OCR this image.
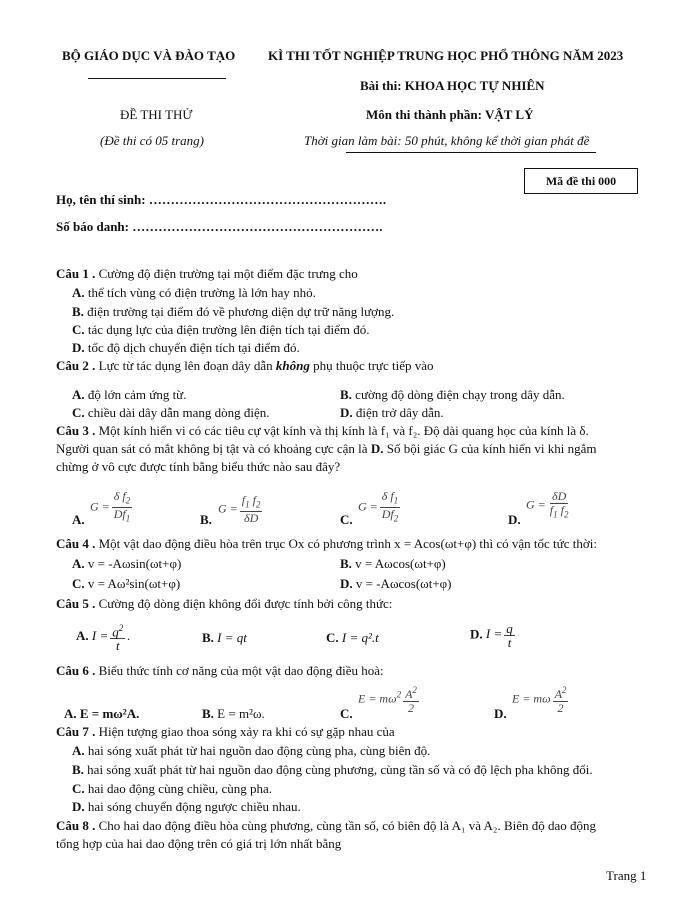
BỘ GIÁO DỤC VÀ ĐÀO TẠO	KÌ THI TỐT NGHIỆP TRUNG HỌC PHỔ THÔNG NĂM 2023
Bài thi: KHOA HỌC TỰ NHIÊN
ĐỀ THI THỬ	Môn thi thành phần: VẬT LÝ
(Đề thi có 05 trang)	Thời gian làm bài: 50 phút, không kể thời gian phát đề
Mã đề thi 000
Họ, tên thí sinh: ……………………………………………….
Số báo danh: ………………………………………………….
Câu 1 . Cường độ điện trường tại một điểm đặc trưng cho
A. thể tích vùng có điện trường là lớn hay nhỏ.
B. điện trường tại điểm đó về phương diện dự trữ năng lượng.
C. tác dụng lực của điện trường lên điện tích tại điểm đó.
D. tốc độ dịch chuyển điện tích tại điểm đó.
Câu 2 . Lực từ tác dụng lên đoạn dây dẫn không phụ thuộc trực tiếp vào
A. độ lớn cảm ứng từ.	B. cường độ dòng điện chạy trong dây dẫn.
C. chiều dài dây dẫn mang dòng điện.	D. điện trở dây dẫn.
Câu 3 . Một kính hiển vi có các tiêu cự vật kính và thị kính là f₁ và f₂. Độ dài quang học của kính là δ.
Người quan sát có mắt không bị tật và có khoảng cực cận là D. Số bội giác G của kính hiển vi khi ngắm
chừng ở vô cực được tính bằng biểu thức nào sau đây?
A.
$G = \frac{\delta f_2}{Df_1}$	B.
$G = \frac{f_1 f_2}{\delta D}$	C.
$G = \frac{\delta f_1}{Df_2}$	D.
$G = \frac{\delta D}{f_1 f_2}$
Câu 4 . Một vật dao động điều hòa trên trục Ox có phương trình x = Acos(ωt+φ) thì có vận tốc tức thời:
A. v = -Aωsin(ωt+φ)	B. v = Aωcos(ωt+φ)
C. v = Aω²sin(ωt+φ)	D. v = -Aωcos(ωt+φ)
Câu 5 . Cường độ dòng điện không đổi được tính bởi công thức:
A. $I = \frac{q^2}{t}$ .	B. I = qt	C. I = q².t	D. $I = \frac{q}{t}$
Câu 6 . Biểu thức tính cơ năng của một vật dao động điều hoà:
A. E = mω²A.	B. E = m²ω.	C.
$E = m\omega^2 \frac{A^2}{2}$	D.
E = mω $\frac{A^2}{2}$
Câu 7 . Hiện tượng giao thoa sóng xảy ra khi có sự gặp nhau của
A. hai sóng xuất phát từ hai nguồn dao động cùng pha, cùng biên độ.
B. hai sóng xuất phát từ hai nguồn dao động cùng phương, cùng tần số và có độ lệch pha không đổi.
C. hai dao động cùng chiều, cùng pha.
D. hai sóng chuyển động ngược chiều nhau.
Câu 8 . Cho hai dao động điều hòa cùng phương, cùng tần số, có biên độ là A₁ và A₂. Biên độ dao động
tổng hợp của hai dao động trên có giá trị lớn nhất bằng
Trang 1
